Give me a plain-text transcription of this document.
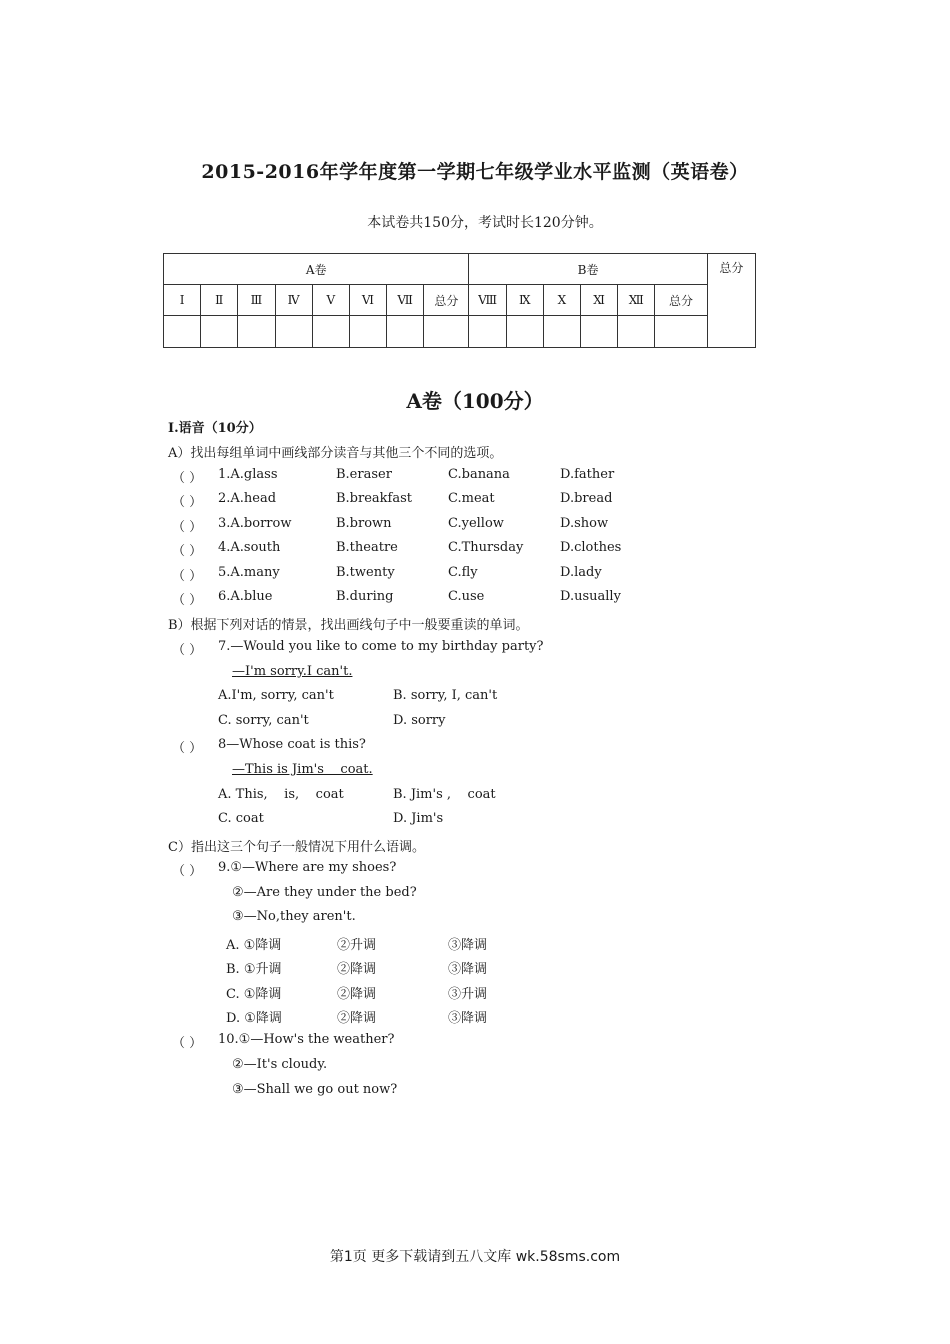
2015-2016年学年度第一学期七年级学业水平监测（英语卷）
本试卷共150分，考试时长120分钟。
A卷								B卷						总分
Ⅰ	Ⅱ	Ⅲ	Ⅳ	Ⅴ	Ⅵ	Ⅶ	总分	Ⅷ	Ⅸ	Ⅹ	Ⅺ	Ⅻ	总分	

A卷（100分）
Ⅰ.语音（10分）
A）找出每组单词中画线部分读音与其他三个不同的选项。
（ ） 1.A.glass	B.eraser	C.banana	D.father
（ ） 2.A.head	B.breakfast	C.meat	D.bread
（ ） 3.A.borrow	B.brown	C.yellow	D.show
（ ） 4.A.south	B.theatre	C.Thursday	D.clothes
（ ） 5.A.many	B.twenty	C.fly	D.lady
（ ） 6.A.blue	B.during	C.use	D.usually
B）根据下列对话的情景，找出画线句子中一般要重读的单词。
（ ） 7.—Would you like to come to my birthday party?
—I'm sorry.I can't.
A.I'm, sorry, can't	B. sorry, I, can't
C. sorry, can't	D. sorry
（ ） 8—Whose coat is this?
—This is Jim's    coat.
A. This,    is,    coat	B. Jim's ,    coat
C. coat	D. Jim's
C）指出这三个句子一般情况下用什么语调。
（ ） 9.①—Where are my shoes?
②—Are they under the bed?
③—No,they aren't.
A. ①降调	②升调	③降调
B. ①升调	②降调	③降调
C. ①降调	②降调	③升调
D. ①降调	②降调	③降调
（ ） 10.①—How's the weather?
②—It's cloudy.
③—Shall we go out now?
第1页 更多下载请到五八文库 wk.58sms.com
